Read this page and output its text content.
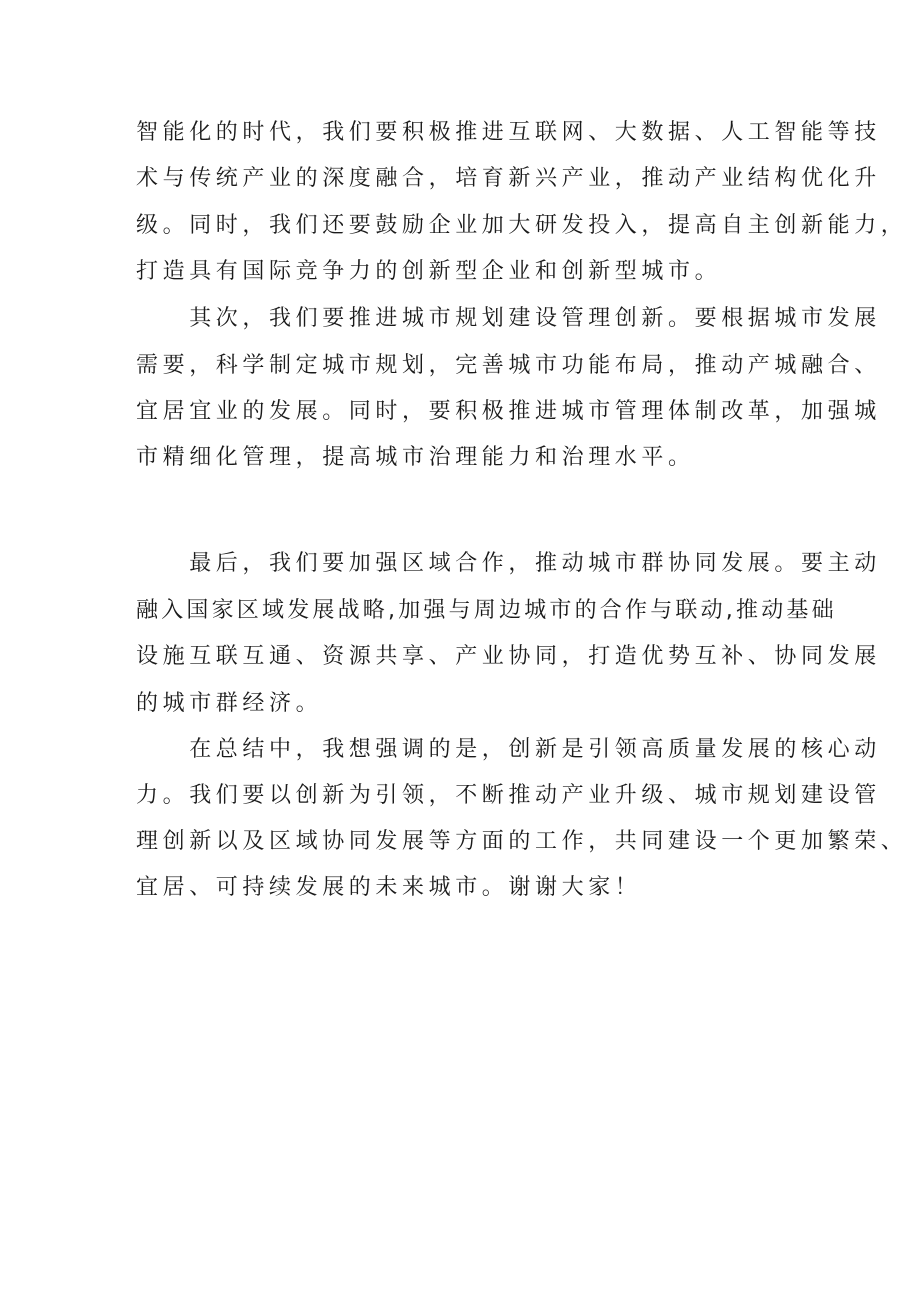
智能化的时代，我们要积极推进互联网、大数据、人工智能等技
术与传统产业的深度融合，培育新兴产业，推动产业结构优化升
级。同时，我们还要鼓励企业加大研发投入，提高自主创新能力，
打造具有国际竞争力的创新型企业和创新型城市。
　　其次，我们要推进城市规划建设管理创新。要根据城市发展
需要，科学制定城市规划，完善城市功能布局，推动产城融合、
宜居宜业的发展。同时，要积极推进城市管理体制改革，加强城
市精细化管理，提高城市治理能力和治理水平。
　　最后，我们要加强区域合作，推动城市群协同发展。要主动
融入国家区域发展战略,加强与周边城市的合作与联动,推动基础
设施互联互通、资源共享、产业协同，打造优势互补、协同发展
的城市群经济。
　　在总结中，我想强调的是，创新是引领高质量发展的核心动
力。我们要以创新为引领，不断推动产业升级、城市规划建设管
理创新以及区域协同发展等方面的工作，共同建设一个更加繁荣、
宜居、可持续发展的未来城市。谢谢大家！
